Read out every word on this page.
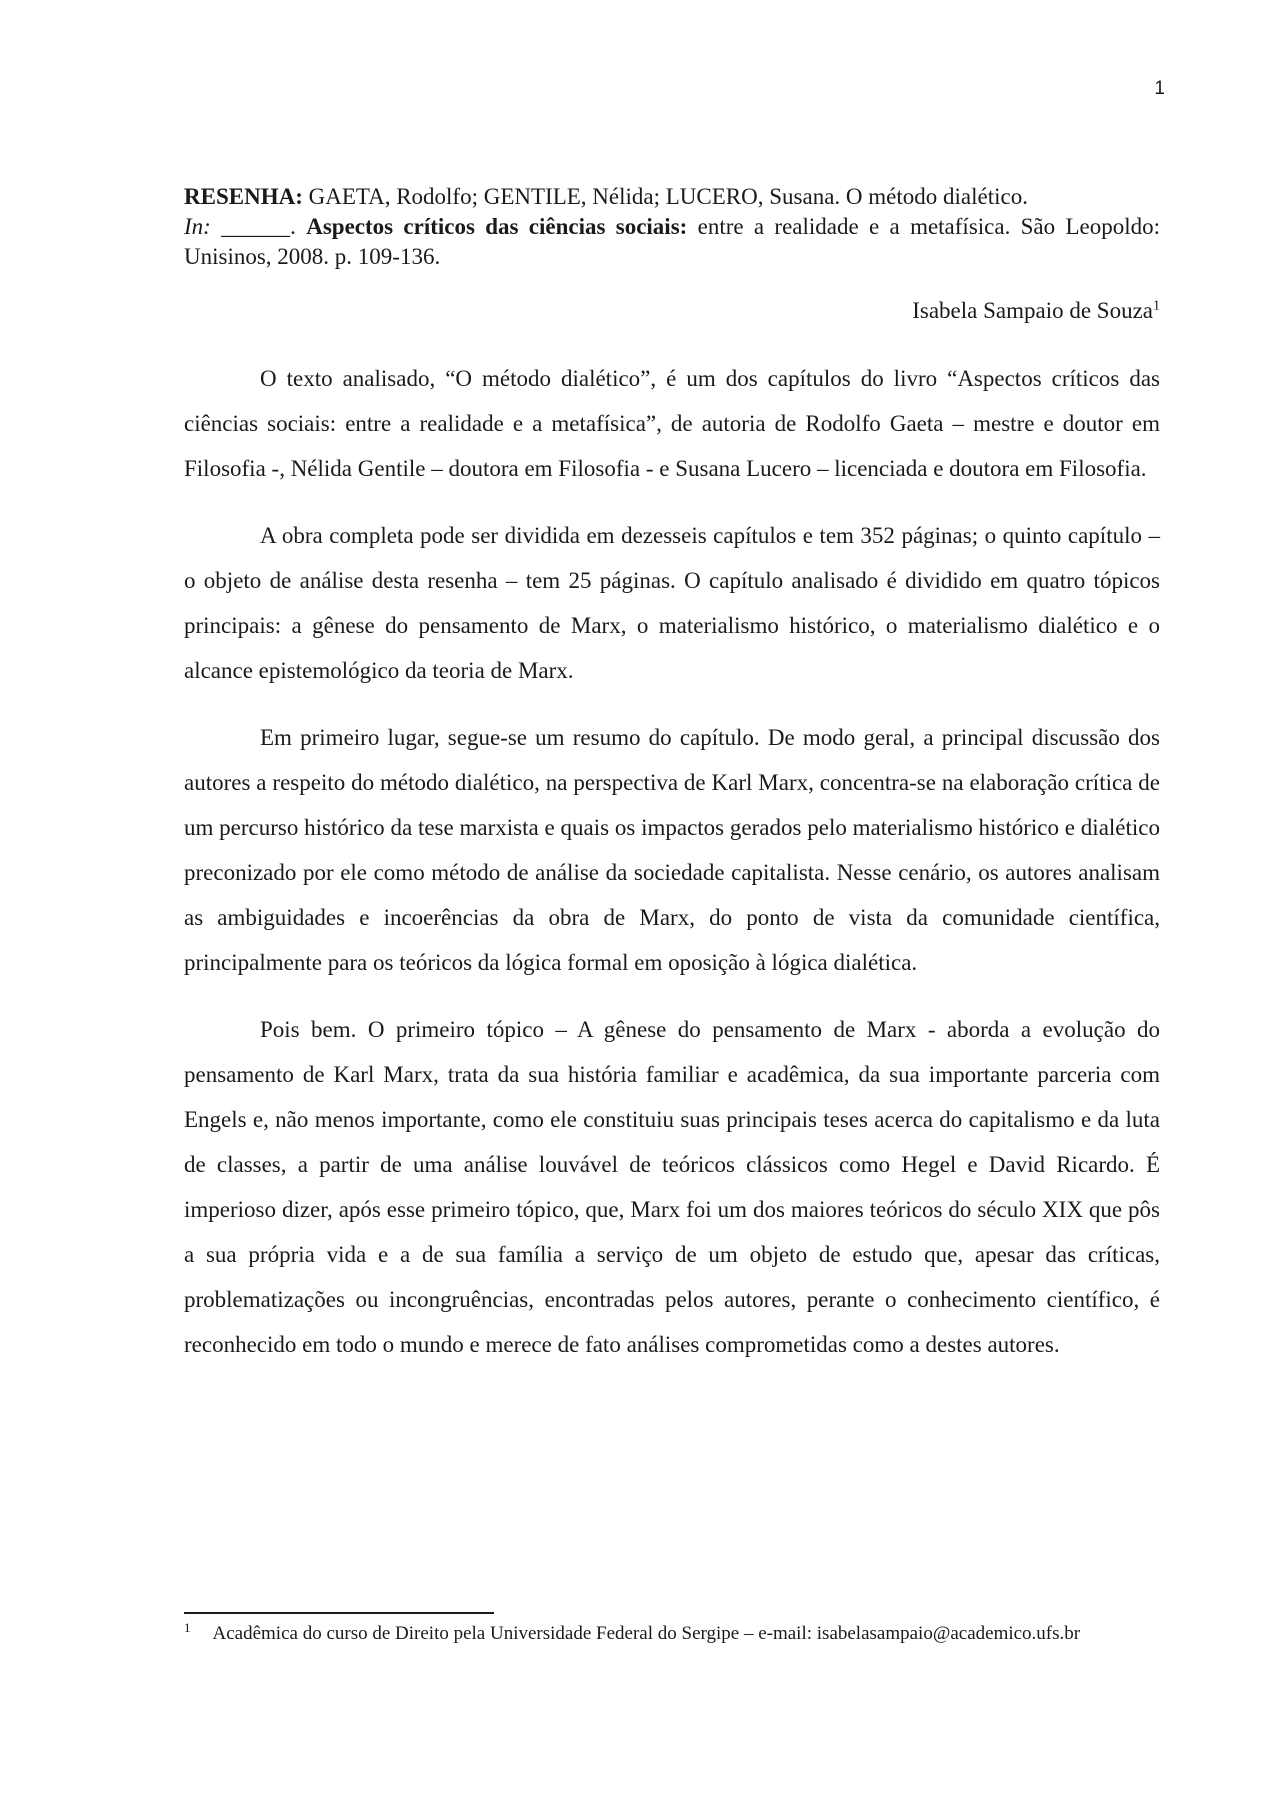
1
RESENHA: GAETA, Rodolfo; GENTILE, Nélida; LUCERO, Susana. O método dialético.
In: ______. Aspectos críticos das ciências sociais: entre a realidade e a metafísica. São Leopoldo: Unisinos, 2008. p. 109-136.
Isabela Sampaio de Souza$^1$

O texto analisado, “O método dialético”, é um dos capítulos do livro “Aspectos críticos das ciências sociais: entre a realidade e a metafísica”, de autoria de Rodolfo Gaeta – mestre e doutor em Filosofia -, Nélida Gentile – doutora em Filosofia - e Susana Lucero – licenciada e doutora em Filosofia.

A obra completa pode ser dividida em dezesseis capítulos e tem 352 páginas; o quinto capítulo – o objeto de análise desta resenha – tem 25 páginas. O capítulo analisado é dividido em quatro tópicos principais: a gênese do pensamento de Marx, o materialismo histórico, o materialismo dialético e o alcance epistemológico da teoria de Marx.

Em primeiro lugar, segue-se um resumo do capítulo. De modo geral, a principal discussão dos autores a respeito do método dialético, na perspectiva de Karl Marx, concentra-se na elaboração crítica de um percurso histórico da tese marxista e quais os impactos gerados pelo materialismo histórico e dialético preconizado por ele como método de análise da sociedade capitalista. Nesse cenário, os autores analisam as ambiguidades e incoerências da obra de Marx, do ponto de vista da comunidade científica, principalmente para os teóricos da lógica formal em oposição à lógica dialética.

Pois bem. O primeiro tópico – A gênese do pensamento de Marx - aborda a evolução do pensamento de Karl Marx, trata da sua história familiar e acadêmica, da sua importante parceria com Engels e, não menos importante, como ele constituiu suas principais teses acerca do capitalismo e da luta de classes, a partir de uma análise louvável de teóricos clássicos como Hegel e David Ricardo. É imperioso dizer, após esse primeiro tópico, que, Marx foi um dos maiores teóricos do século XIX que pôs a sua própria vida e a de sua família a serviço de um objeto de estudo que, apesar das críticas, problematizações ou incongruências, encontradas pelos autores, perante o conhecimento científico, é reconhecido em todo o mundo e merece de fato análises comprometidas como a destes autores.

$^1$ Acadêmica do curso de Direito pela Universidade Federal do Sergipe – e-mail: isabelasampaio@academico.ufs.br
